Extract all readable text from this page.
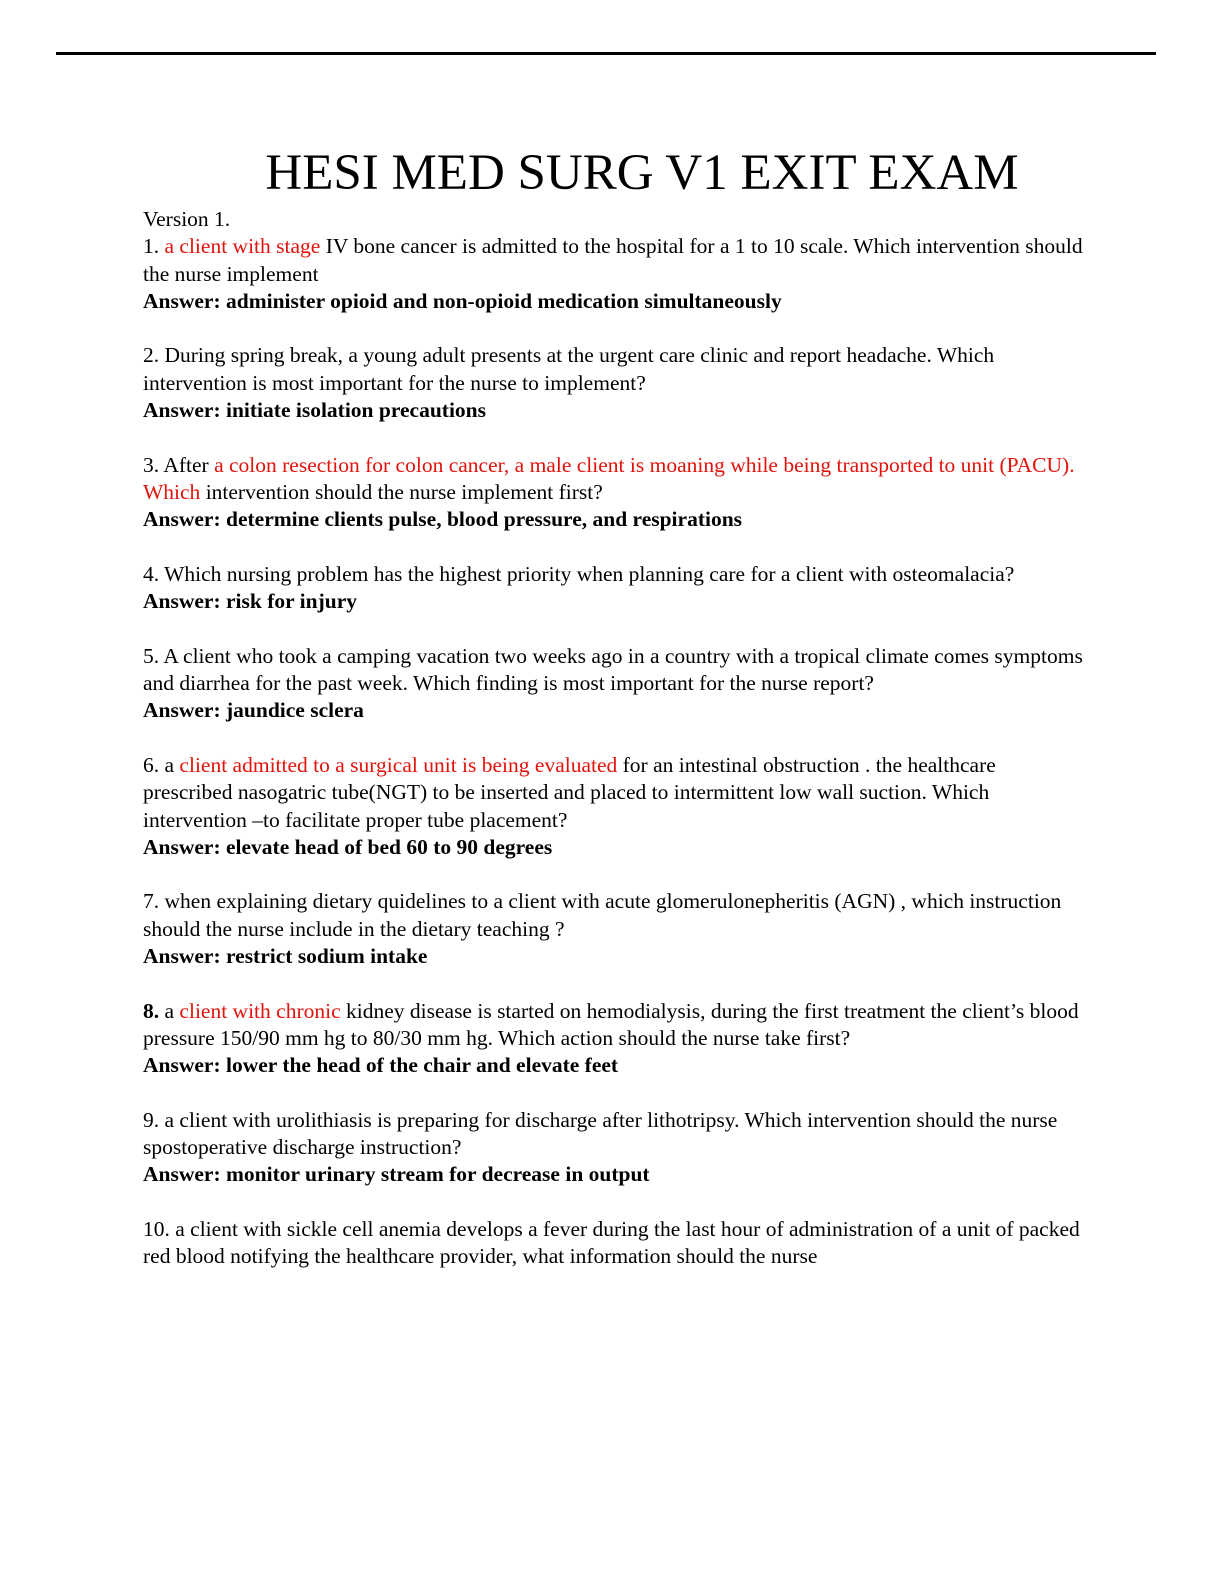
HESI MED SURG V1 EXIT EXAM

Version 1.

1. a client with stage IV bone cancer is admitted to the hospital for a 1 to 10 scale. Which intervention should the nurse implement

Answer: administer opioid and non-opioid medication simultaneously

2. During spring break, a young adult presents at the urgent care clinic and report headache. Which intervention is most important for the nurse to implement?

Answer: initiate isolation precautions

3. After a colon resection for colon cancer, a male client is moaning while being transported to unit (PACU). Which intervention should the nurse implement first?

Answer: determine clients pulse, blood pressure, and respirations

4. Which nursing problem has the highest priority when planning care for a client with osteomalacia?

Answer: risk for injury

5. A client who took a camping vacation two weeks ago in a country with a tropical climate comes symptoms and diarrhea for the past week. Which finding is most important for the nurse report?

Answer: jaundice sclera

6. a client admitted to a surgical unit is being evaluated for an intestinal obstruction . the healthcare prescribed nasogatric tube(NGT) to be inserted and placed to intermittent low wall suction. Which intervention –to facilitate proper tube placement?

Answer: elevate head of bed 60 to 90 degrees

7. when explaining dietary quidelines to a client with acute glomerulonepheritis (AGN) , which instruction should the nurse include in the dietary teaching ?

Answer: restrict sodium intake

8. a client with chronic kidney disease is started on hemodialysis, during the first treatment the client’s blood pressure 150/90 mm hg to 80/30 mm hg. Which action should the nurse take first?

Answer: lower the head of the chair and elevate feet

9. a client with urolithiasis is preparing for discharge after lithotripsy. Which intervention should the nurse spostoperative discharge instruction?

Answer: monitor urinary stream for decrease in output

10. a client with sickle cell anemia develops a fever during the last hour of administration of a unit of packed red blood notifying the healthcare provider, what information should the nurse
